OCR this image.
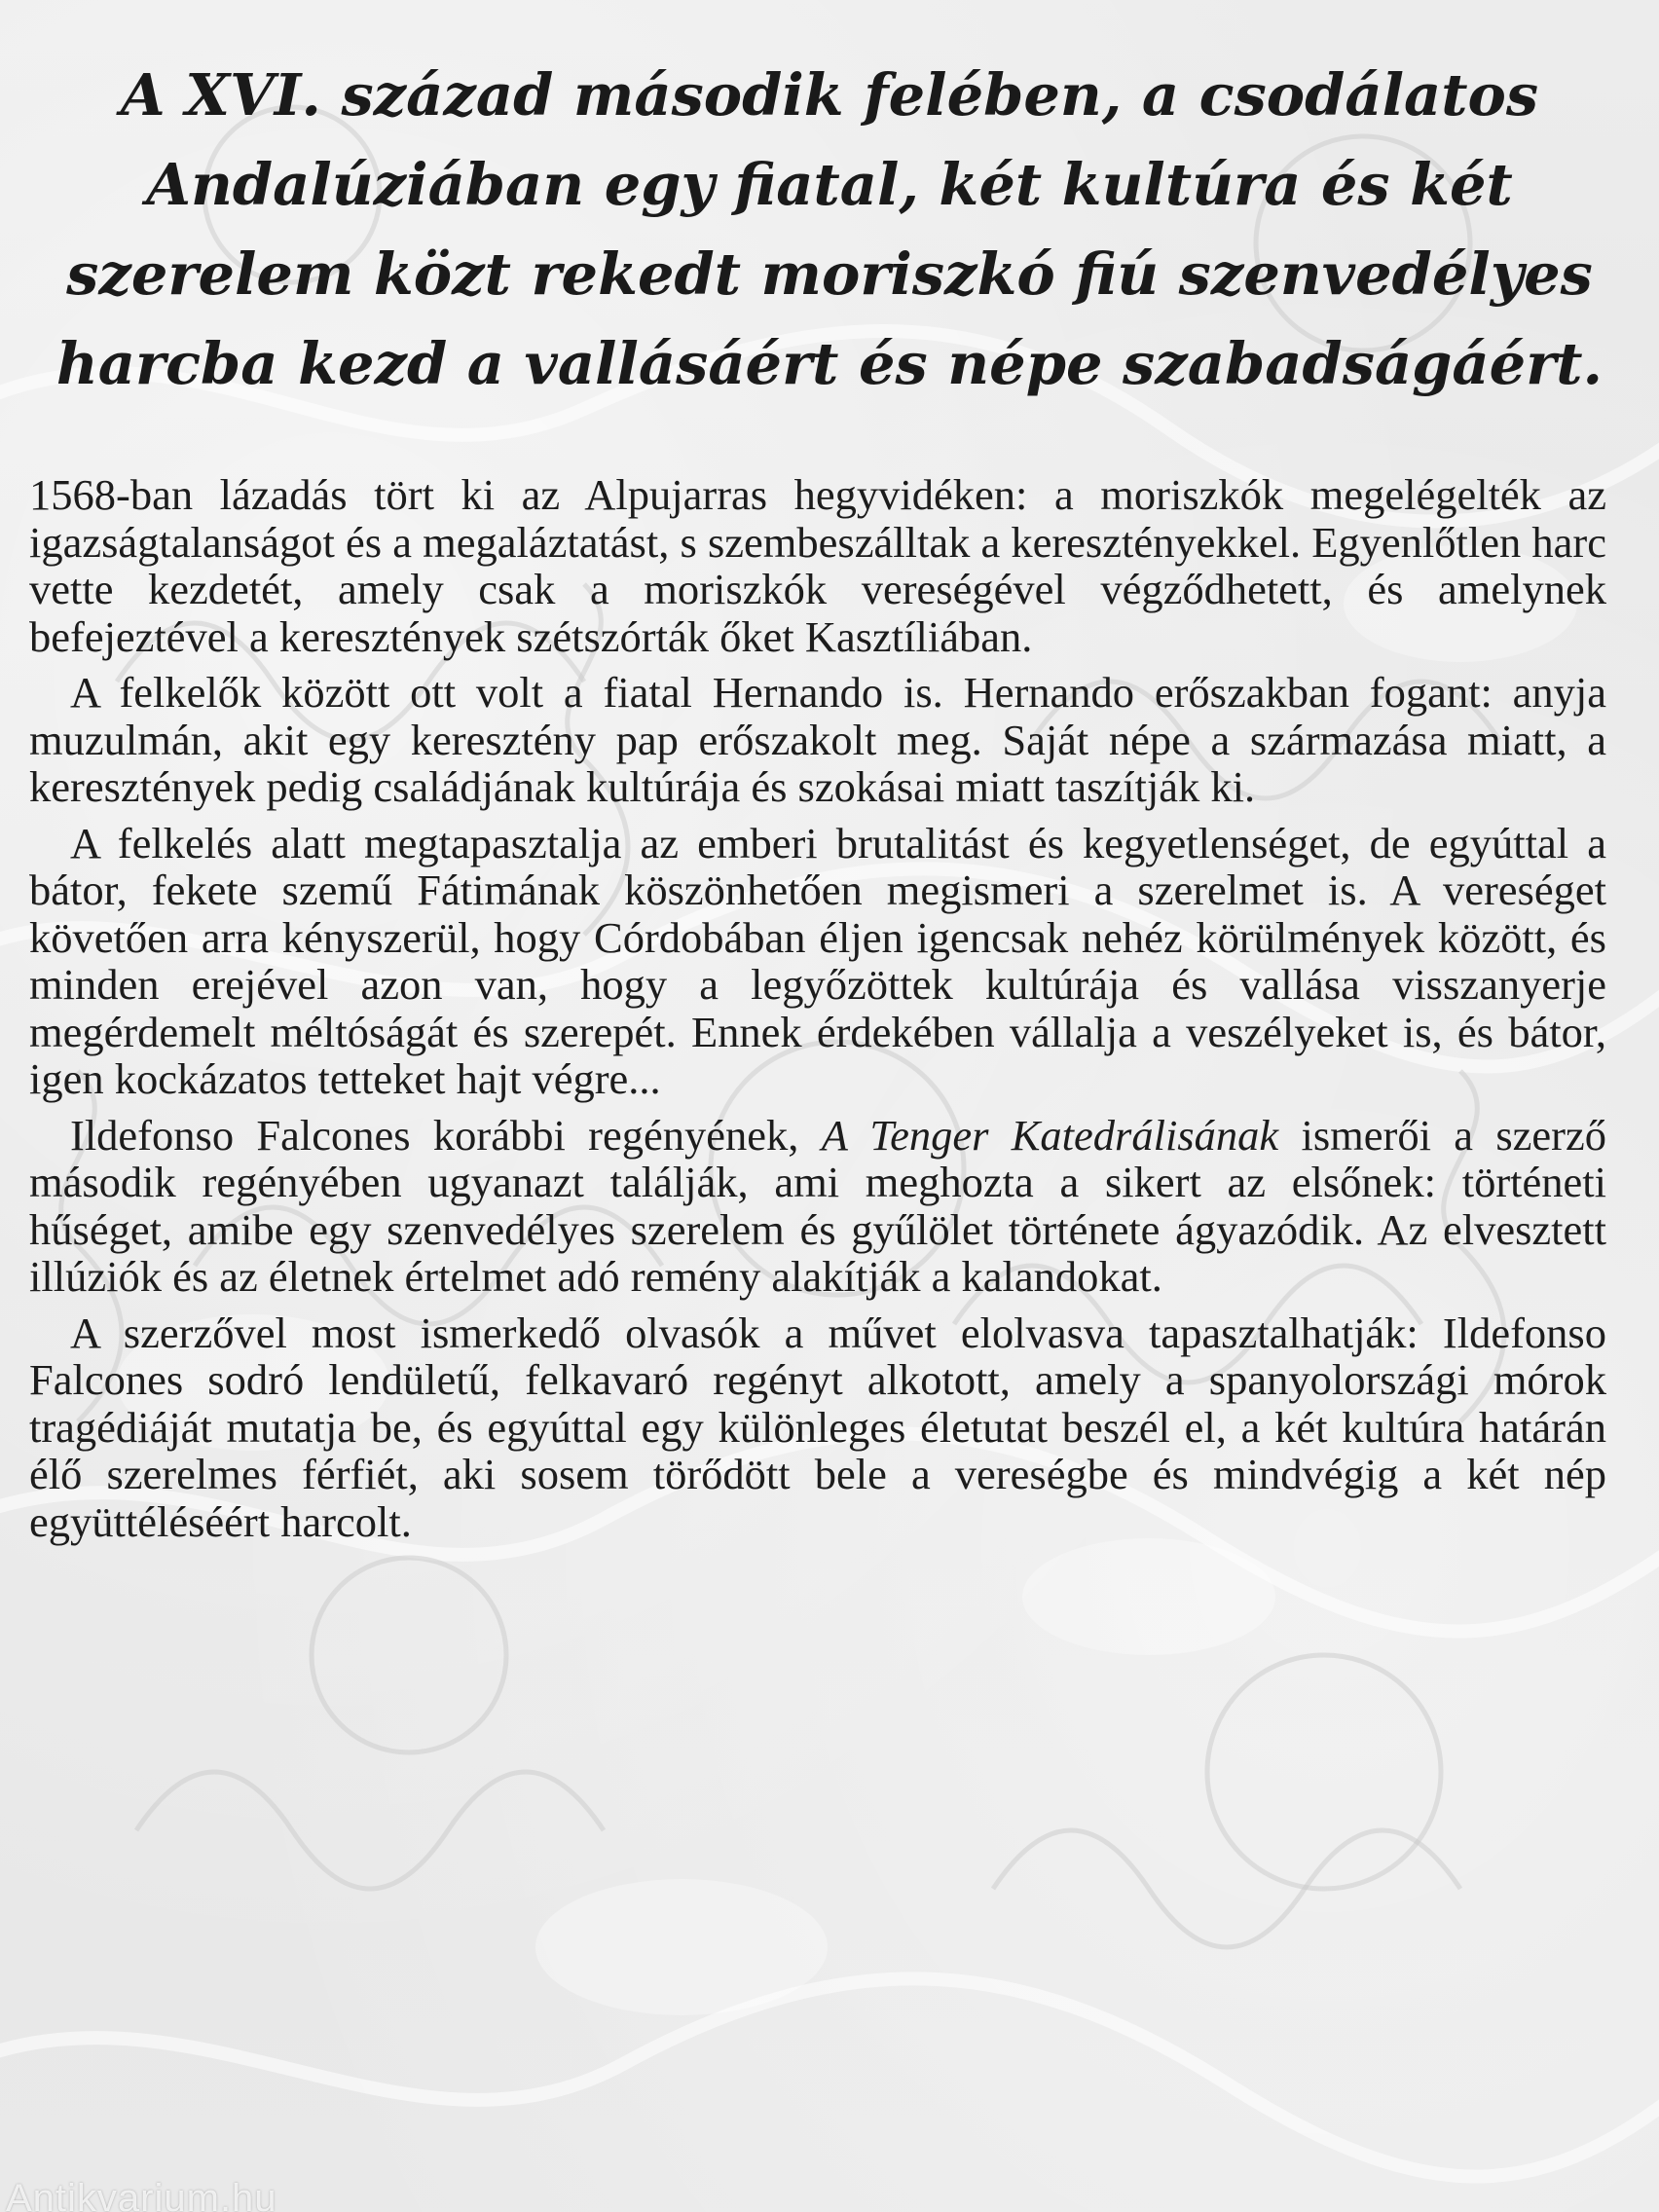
A XVI. század második felében, a csodálatos Andalúziában egy fiatal, két kultúra és két szerelem közt rekedt moriszkó fiú szenvedélyes harcba kezd a vallásáért és népe szabadságáért.

1568-ban lázadás tört ki az Alpujarras hegyvidéken: a moriszkók megelégelték az igazságtalanságot és a megaláztatást, s szembeszálltak a keresztényekkel. Egyenlőtlen harc vette kezdetét, amely csak a moriszkók vereségével végződhetett, és amelynek befejeztével a keresztények szétszórták őket Kasztíliában.

A felkelők között ott volt a fiatal Hernando is. Hernando erőszakban fogant: anyja muzulmán, akit egy keresztény pap erőszakolt meg. Saját népe a származása miatt, a keresztények pedig családjának kultúrája és szokásai miatt taszítják ki.

A felkelés alatt megtapasztalja az emberi brutalitást és kegyetlenséget, de egyúttal a bátor, fekete szemű Fátimának köszönhetően megismeri a szerelmet is. A vereséget követően arra kényszerül, hogy Córdobában éljen igencsak nehéz körülmények között, és minden erejével azon van, hogy a legyőzöttek kultúrája és vallása visszanyerje megérdemelt méltóságát és szerepét. Ennek érdekében vállalja a veszélyeket is, és bátor, igen kockázatos tetteket hajt végre...

Ildefonso Falcones korábbi regényének, A Tenger Katedrálisának ismerői a szerző második regényében ugyanazt találják, ami meghozta a sikert az elsőnek: történeti hűséget, amibe egy szenvedélyes szerelem és gyűlölet története ágyazódik. Az elvesztett illúziók és az életnek értelmet adó remény alakítják a kalandokat.

A szerzővel most ismerkedő olvasók a művet elolvasva tapasztalhatják: Ildefonso Falcones sodró lendületű, felkavaró regényt alkotott, amely a spanyolországi mórok tragédiáját mutatja be, és egyúttal egy különleges életutat beszél el, a két kultúra határán élő szerelmes férfiét, aki sosem törődött bele a vereségbe és mindvégig a két nép együttéléséért harcolt.

Antikvarium.hu
